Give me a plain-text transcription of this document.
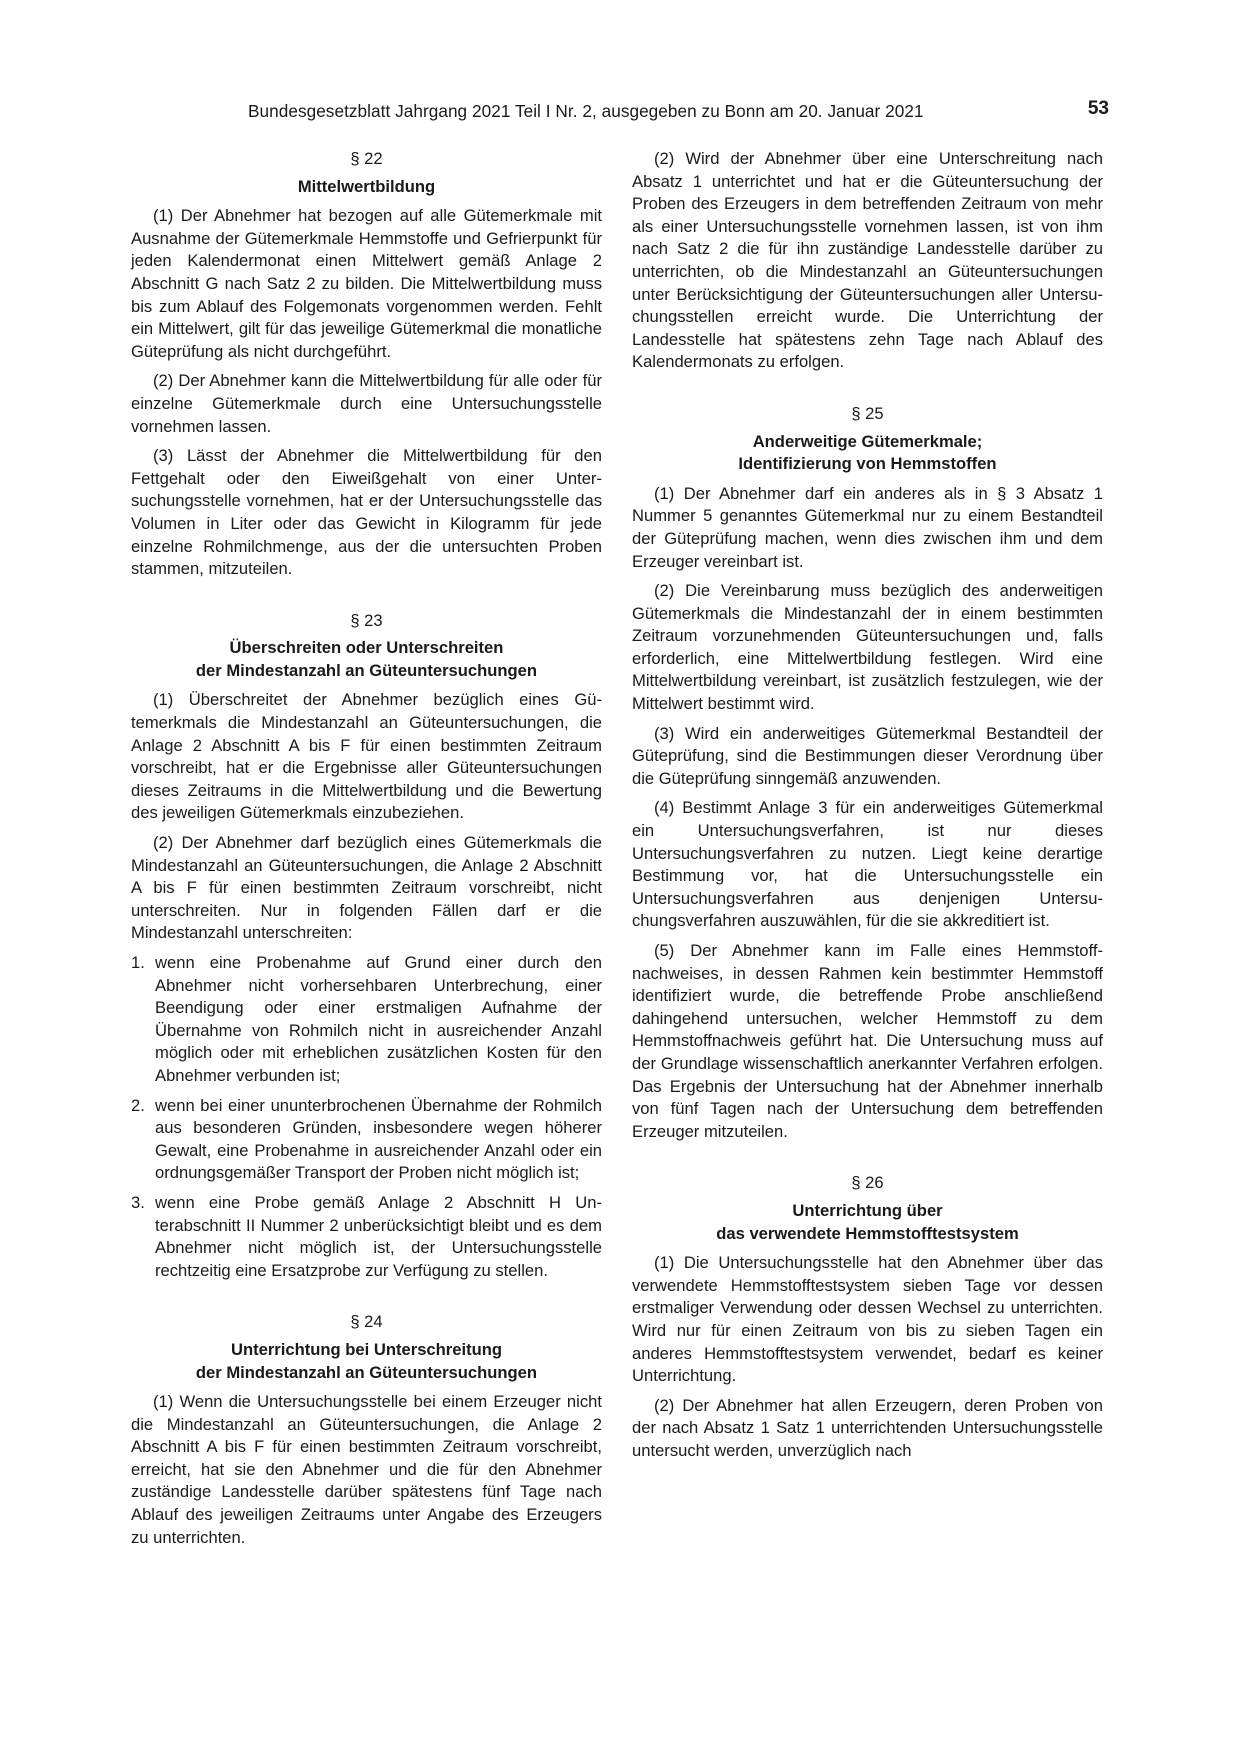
Bundesgesetzblatt Jahrgang 2021 Teil I Nr. 2, ausgegeben zu Bonn am 20. Januar 2021	53
§ 22
Mittelwertbildung

(1) Der Abnehmer hat bezogen auf alle Gütemerkmale mit Ausnahme der Gütemerkmale Hemmstoffe und Gefrierpunkt für jeden Kalendermonat einen Mittelwert gemäß Anlage 2 Abschnitt G nach Satz 2 zu bilden. Die Mittelwertbildung muss bis zum Ablauf des Folgemonats vorgenommen werden. Fehlt ein Mittelwert, gilt für das jeweilige Gütemerkmal die monatliche Güteprüfung als nicht durchgeführt.

(2) Der Abnehmer kann die Mittelwertbildung für alle oder für einzelne Gütemerkmale durch eine Untersuchungsstelle vornehmen lassen.

(3) Lässt der Abnehmer die Mittelwertbildung für den Fettgehalt oder den Eiweißgehalt von einer Untersuchungsstelle vornehmen, hat er der Untersuchungsstelle das Volumen in Liter oder das Gewicht in Kilogramm für jede einzelne Rohmilchmenge, aus der die untersuchten Proben stammen, mitzuteilen.

§ 23
Überschreiten oder Unterschreiten
der Mindestanzahl an Güteuntersuchungen

(1) Überschreitet der Abnehmer bezüglich eines Gütemerkmals die Mindestanzahl an Güteuntersuchungen, die Anlage 2 Abschnitt A bis F für einen bestimmten Zeitraum vorschreibt, hat er die Ergebnisse aller Güteuntersuchungen dieses Zeitraums in die Mittelwertbildung und die Bewertung des jeweiligen Gütemerkmals einzubeziehen.

(2) Der Abnehmer darf bezüglich eines Gütemerkmals die Mindestanzahl an Güteuntersuchungen, die Anlage 2 Abschnitt A bis F für einen bestimmten Zeitraum vorschreibt, nicht unterschreiten. Nur in folgenden Fällen darf er die Mindestanzahl unterschreiten:

1. wenn eine Probenahme auf Grund einer durch den Abnehmer nicht vorhersehbaren Unterbrechung, einer Beendigung oder einer erstmaligen Aufnahme der Übernahme von Rohmilch nicht in ausreichender Anzahl möglich oder mit erheblichen zusätzlichen Kosten für den Abnehmer verbunden ist;
2. wenn bei einer ununterbrochenen Übernahme der Rohmilch aus besonderen Gründen, insbesondere wegen höherer Gewalt, eine Probenahme in ausreichender Anzahl oder ein ordnungsgemäßer Transport der Proben nicht möglich ist;
3. wenn eine Probe gemäß Anlage 2 Abschnitt H Unterabschnitt II Nummer 2 unberücksichtigt bleibt und es dem Abnehmer nicht möglich ist, der Untersuchungsstelle rechtzeitig eine Ersatzprobe zur Verfügung zu stellen.
§ 24
Unterrichtung bei Unterschreitung
der Mindestanzahl an Güteuntersuchungen

(1) Wenn die Untersuchungsstelle bei einem Erzeuger nicht die Mindestanzahl an Güteuntersuchungen, die Anlage 2 Abschnitt A bis F für einen bestimmten Zeitraum vorschreibt, erreicht, hat sie den Abnehmer und die für den Abnehmer zuständige Landesstelle darüber spätestens fünf Tage nach Ablauf des jeweiligen Zeitraums unter Angabe des Erzeugers zu unterrichten.

(2) Wird der Abnehmer über eine Unterschreitung nach Absatz 1 unterrichtet und hat er die Güteuntersuchung der Proben des Erzeugers in dem betreffenden Zeitraum von mehr als einer Untersuchungsstelle vornehmen lassen, ist von ihm nach Satz 2 die für ihn zuständige Landesstelle darüber zu unterrichten, ob die Mindestanzahl an Güteuntersuchungen unter Berücksichtigung der Güteuntersuchungen aller Untersuchungsstellen erreicht wurde. Die Unterrichtung der Landesstelle hat spätestens zehn Tage nach Ablauf des Kalendermonats zu erfolgen.

§ 25
Anderweitige Gütemerkmale;
Identifizierung von Hemmstoffen

(1) Der Abnehmer darf ein anderes als in § 3 Absatz 1 Nummer 5 genanntes Gütemerkmal nur zu einem Bestandteil der Güteprüfung machen, wenn dies zwischen ihm und dem Erzeuger vereinbart ist.

(2) Die Vereinbarung muss bezüglich des anderweitigen Gütemerkmals die Mindestanzahl der in einem bestimmten Zeitraum vorzunehmenden Güteuntersuchungen und, falls erforderlich, eine Mittelwertbildung festlegen. Wird eine Mittelwertbildung vereinbart, ist zusätzlich festzulegen, wie der Mittelwert bestimmt wird.

(3) Wird ein anderweitiges Gütemerkmal Bestandteil der Güteprüfung, sind die Bestimmungen dieser Verordnung über die Güteprüfung sinngemäß anzuwenden.

(4) Bestimmt Anlage 3 für ein anderweitiges Gütemerkmal ein Untersuchungsverfahren, ist nur dieses Untersuchungsverfahren zu nutzen. Liegt keine derartige Bestimmung vor, hat die Untersuchungsstelle ein Untersuchungsverfahren aus denjenigen Untersuchungsverfahren auszuwählen, für die sie akkreditiert ist.

(5) Der Abnehmer kann im Falle eines Hemmstoffnachweises, in dessen Rahmen kein bestimmter Hemmstoff identifiziert wurde, die betreffende Probe anschließend dahingehend untersuchen, welcher Hemmstoff zu dem Hemmstoffnachweis geführt hat. Die Untersuchung muss auf der Grundlage wissenschaftlich anerkannter Verfahren erfolgen. Das Ergebnis der Untersuchung hat der Abnehmer innerhalb von fünf Tagen nach der Untersuchung dem betreffenden Erzeuger mitzuteilen.

§ 26
Unterrichtung über
das verwendete Hemmstofftestsystem

(1) Die Untersuchungsstelle hat den Abnehmer über das verwendete Hemmstofftestsystem sieben Tage vor dessen erstmaliger Verwendung oder dessen Wechsel zu unterrichten. Wird nur für einen Zeitraum von bis zu sieben Tagen ein anderes Hemmstofftestsystem verwendet, bedarf es keiner Unterrichtung.

(2) Der Abnehmer hat allen Erzeugern, deren Proben von der nach Absatz 1 Satz 1 unterrichtenden Untersuchungsstelle untersucht werden, unverzüglich nach
